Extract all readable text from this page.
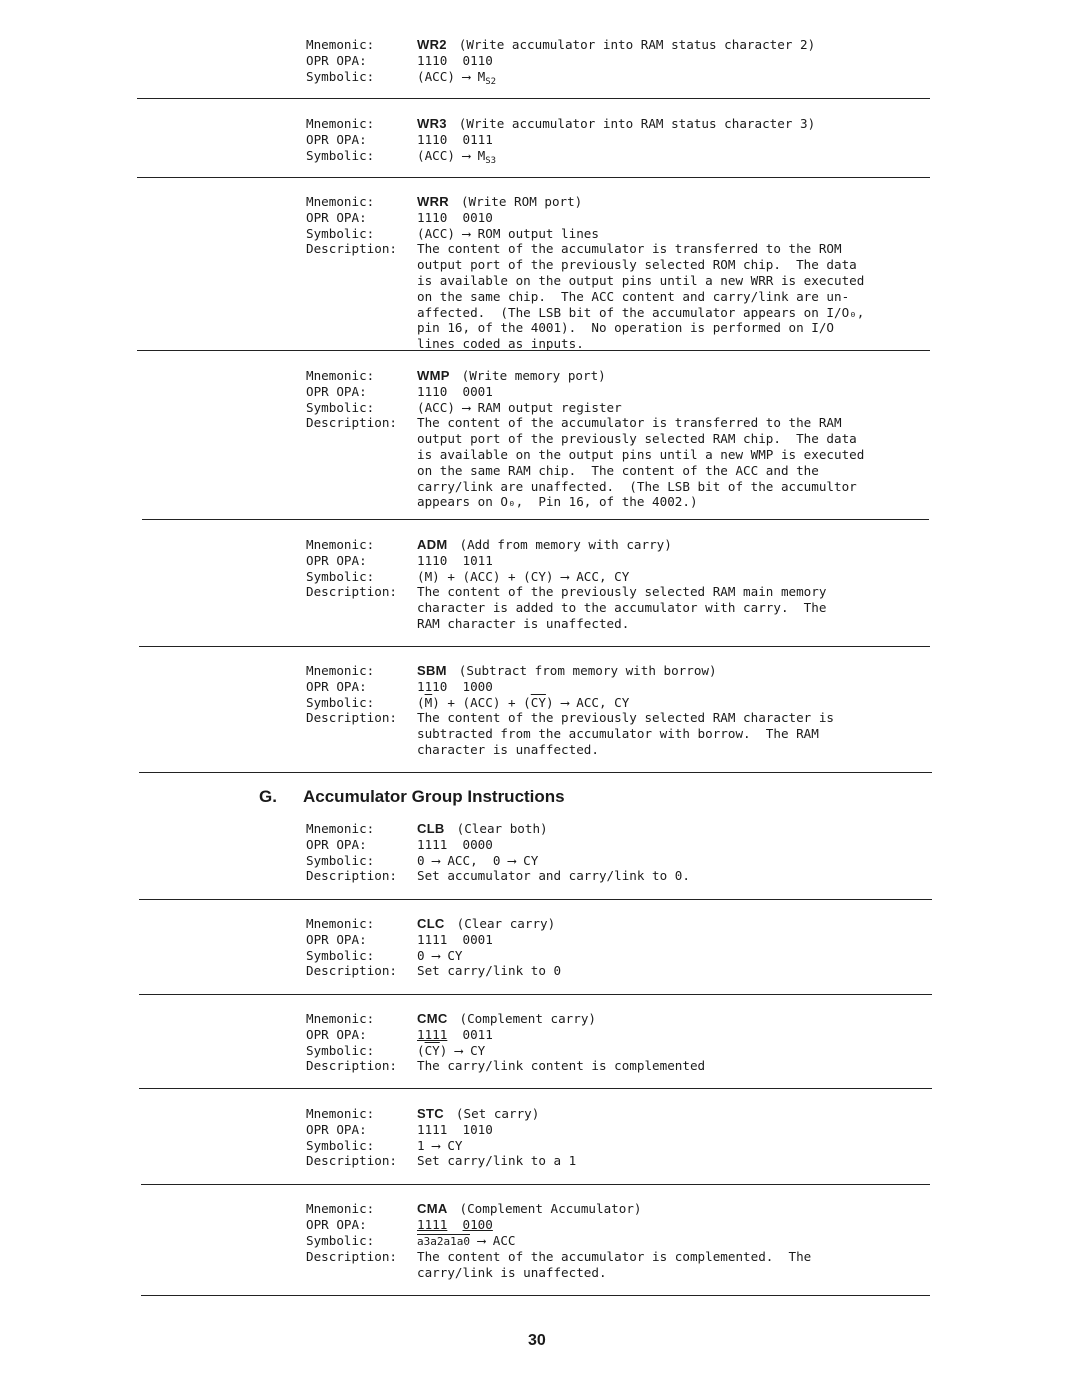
Mnemonic:	WR2 (Write accumulator into RAM status character 2)
OPR OPA:	1110 0110
Symbolic:	(ACC) ⟶ $M_{S2}$
Mnemonic:	WR3 (Write accumulator into RAM status character 3)
OPR OPA:	1110 0111
Symbolic:	(ACC) ⟶ $M_{S3}$
Mnemonic:	WRR (Write ROM port)
OPR OPA:	1110 0010
Symbolic:	(ACC) ⟶ ROM output lines
Description:	The content of the accumulator is transferred to the ROM
output port of the previously selected ROM chip.  The data
is available on the output pins until a new WRR is executed
on the same chip.  The ACC content and carry/link are un-
affected.  (The LSB bit of the accumulator appears on I/O₀,
pin 16, of the 4001).  No operation is performed on I/O
lines coded as inputs.
Mnemonic:	WMP (Write memory port)
OPR OPA:	1110 0001
Symbolic:	(ACC) ⟶ RAM output register
Description:	The content of the accumulator is transferred to the RAM
output port of the previously selected RAM chip.  The data
is available on the output pins until a new WMP is executed
on the same RAM chip.  The content of the ACC and the
carry/link are unaffected.  (The LSB bit of the accumultor
appears on O₀,  Pin 16, of the 4002.)
Mnemonic:	ADM (Add from memory with carry)
OPR OPA:	1110 1011
Symbolic:	(M) + (ACC) + (CY) ⟶ ACC, CY
Description:	The content of the previously selected RAM main memory
character is added to the accumulator with carry.  The
RAM character is unaffected.
Mnemonic:	SBM (Subtract from memory with borrow)
OPR OPA:	1110 1000
Symbolic:	$(\overline{M}) + (ACC) + (\overline{CY})$ ⟶ ACC, CY
Description:	The content of the previously selected RAM character is
subtracted from the accumulator with borrow.  The RAM
character is unaffected.
G. Accumulator Group Instructions
Mnemonic:	CLB (Clear both)
OPR OPA:	1111 0000
Symbolic:	0 ⟶ ACC,  0 ⟶ CY
Description:	Set accumulator and carry/link to 0.
Mnemonic:	CLC (Clear carry)
OPR OPA:	1111 0001
Symbolic:	0 ⟶ CY
Description:	Set carry/link to 0
Mnemonic:	CMC (Complement carry)
OPR OPA:	1111 0011
Symbolic:	$(\overline{CY})$ ⟶ CY
Description:	The carry/link content is complemented
Mnemonic:	STC (Set carry)
OPR OPA:	1111 1010
Symbolic:	1 ⟶ CY
Description:	Set carry/link to a 1
Mnemonic:	CMA (Complement Accumulator)
OPR OPA:	1111 0100
Symbolic:	a3a2a1a0 ⟶ ACC
Description:	The content of the accumulator is complemented.  The
carry/link is unaffected.
30
